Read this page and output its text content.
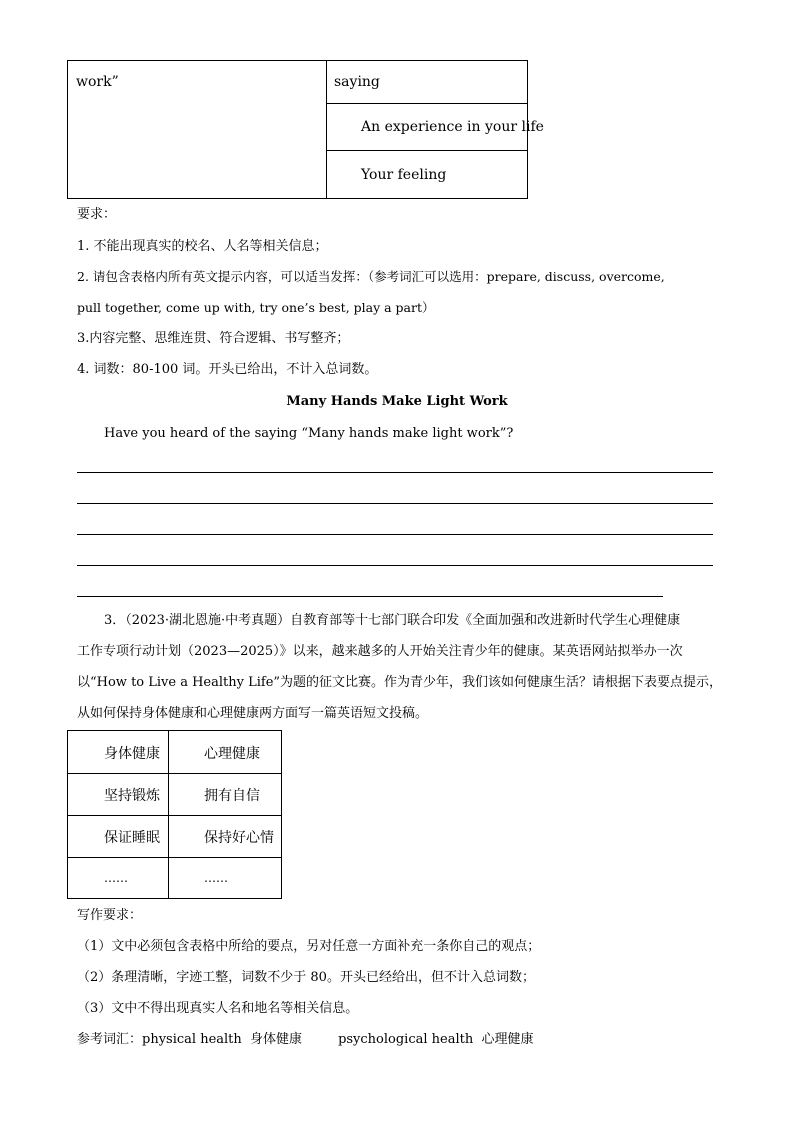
work”	saying
An experience in your life
Your feeling
要求：
1. 不能出现真实的校名、人名等相关信息；
2. 请包含表格内所有英文提示内容，可以适当发挥：（参考词汇可以选用：prepare, discuss, overcome,
pull together, come up with, try one’s best, play a part）
3.内容完整、思维连贯、符合逻辑、书写整齐；
4. 词数：80-100 词。开头已给出，不计入总词数。
Many Hands Make Light Work
Have you heard of the saying “Many hands make light work”?
3．（2023·湖北恩施·中考真题）自教育部等十七部门联合印发《全面加强和改进新时代学生心理健康
工作专项行动计划（2023—2025）》以来，越来越多的人开始关注青少年的健康。某英语网站拟举办一次
以“How to Live a Healthy Life”为题的征文比赛。作为青少年，我们该如何健康生活？请根据下表要点提示，
从如何保持身体健康和心理健康两方面写一篇英语短文投稿。
身体健康	心理健康
坚持锻炼	拥有自信
保证睡眠	保持好心情
……	……
写作要求：
（1）文中必须包含表格中所给的要点，另对任意一方面补充一条你自己的观点；
（2）条理清晰，字迹工整，词数不少于 80。开头已经给出，但不计入总词数；
（3）文中不得出现真实人名和地名等相关信息。
参考词汇：physical health 身体健康	psychological health 心理健康
